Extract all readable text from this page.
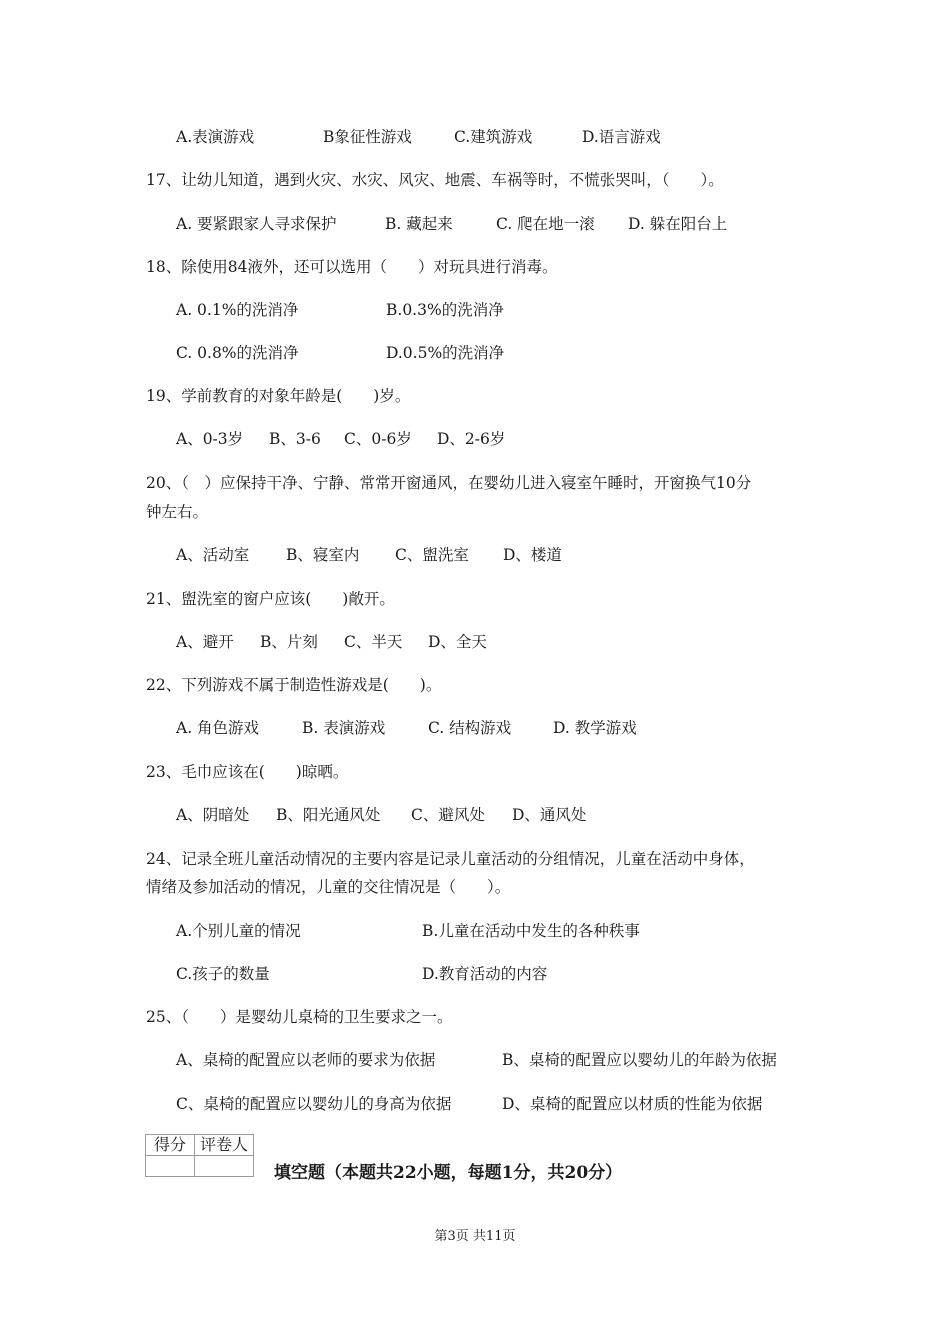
A.表演游戏	B象征性游戏	C.建筑游戏	D.语言游戏
17、让幼儿知道，遇到火灾、水灾、风灾、地震、车祸等时，不慌张哭叫，（　　）。
A. 要紧跟家人寻求保护	B. 藏起来	C. 爬在地一滚 D. 躲在阳台上
18、除使用84液外，还可以选用（　　）对玩具进行消毒。
A. 0.1%的洗消净	B.0.3%的洗消净
C. 0.8%的洗消净	D.0.5%的洗消净
19、学前教育的对象年龄是(　　)岁。
A、0-3岁 B、3-6 C、0-6岁 D、2-6岁
20、（　）应保持干净、宁静、常常开窗通风，在婴幼儿进入寝室午睡时，开窗换气10分
钟左右。
A、活动室 B、寝室内 C、盥洗室 D、楼道
21、盥洗室的窗户应该(　　)敞开。
A、避开 B、片刻 C、半天 D、全天
22、下列游戏不属于制造性游戏是(　　)。
A. 角色游戏	B. 表演游戏	C. 结构游戏	D. 教学游戏
23、毛巾应该在(　　)晾晒。
A、阴暗处 B、阳光通风处 C、避风处 D、通风处
24、记录全班儿童活动情况的主要内容是记录儿童活动的分组情况，儿童在活动中身体，
情绪及参加活动的情况，儿童的交往情况是（　　）。
A.个别儿童的情况	B.儿童在活动中发生的各种秩事
C.孩子的数量	D.教育活动的内容
25、（　　）是婴幼儿桌椅的卫生要求之一。
A、桌椅的配置应以老师的要求为依据	B、桌椅的配置应以婴幼儿的年龄为依据
C、桌椅的配置应以婴幼儿的身高为依据	D、桌椅的配置应以材质的性能为依据
得分	评卷人

填空题（本题共22小题，每题1分，共20分）
第3页 共11页
